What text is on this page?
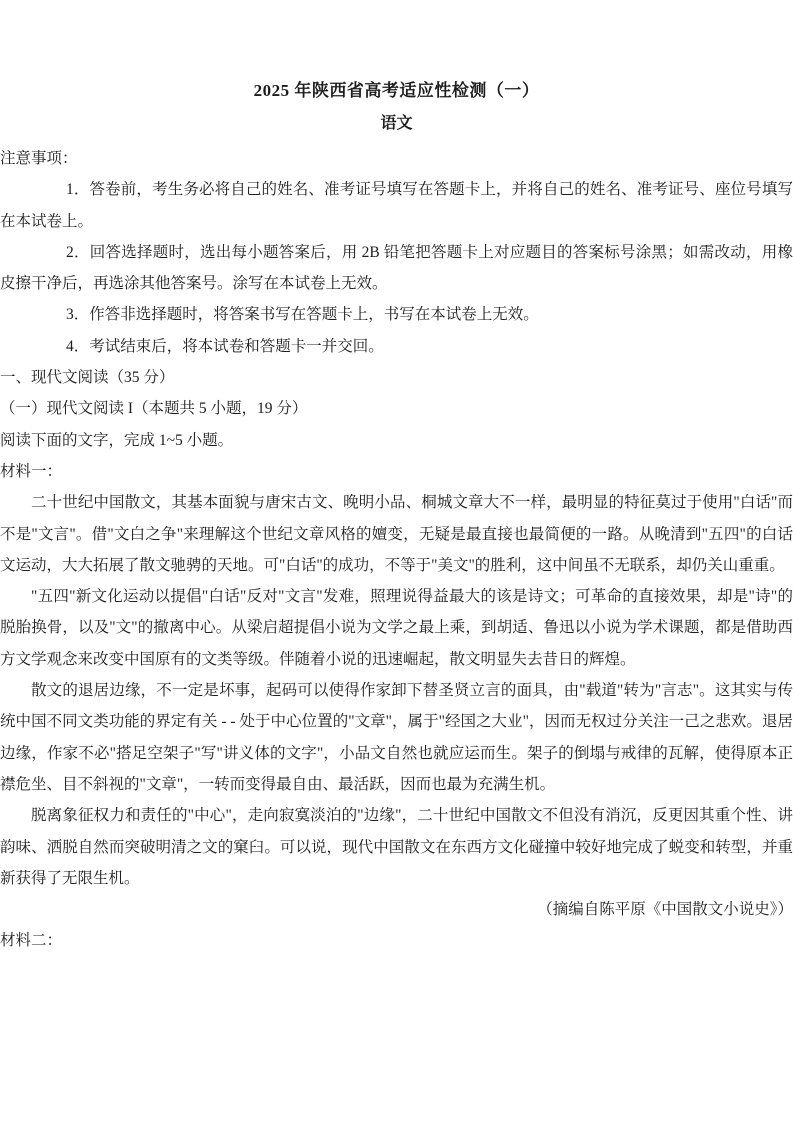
2025 年陕西省高考适应性检测（一）
语文

注意事项：

1．答卷前，考生务必将自己的姓名、准考证号填写在答题卡上，并将自己的姓名、准考证号、座位号填写在本试卷上。

2．回答选择题时，选出每小题答案后，用 2B 铅笔把答题卡上对应题目的答案标号涂黑；如需改动，用橡皮擦干净后，再选涂其他答案号。涂写在本试卷上无效。

3．作答非选择题时，将答案书写在答题卡上，书写在本试卷上无效。

4．考试结束后，将本试卷和答题卡一并交回。

一、现代文阅读（35 分）

（一）现代文阅读 I（本题共 5 小题，19 分）

阅读下面的文字，完成 1~5 小题。

材料一：

二十世纪中国散文，其基本面貌与唐宋古文、晚明小品、桐城文章大不一样，最明显的特征莫过于使用"白话"而不是"文言"。借"文白之争"来理解这个世纪文章风格的嬗变，无疑是最直接也最简便的一路。从晚清到"五四"的白话文运动，大大拓展了散文驰骋的天地。可"白话"的成功，不等于"美文"的胜利，这中间虽不无联系，却仍关山重重。

"五四"新文化运动以提倡"白话"反对"文言"发难，照理说得益最大的该是诗文；可革命的直接效果，却是"诗"的脱胎换骨，以及"文"的撤离中心。从梁启超提倡小说为文学之最上乘，到胡适、鲁迅以小说为学术课题，都是借助西方文学观念来改变中国原有的文类等级。伴随着小说的迅速崛起，散文明显失去昔日的辉煌。

散文的退居边缘，不一定是坏事，起码可以使得作家卸下替圣贤立言的面具，由"载道"转为"言志"。这其实与传统中国不同文类功能的界定有关 - - 处于中心位置的"文章"，属于"经国之大业"，因而无权过分关注一己之悲欢。退居边缘，作家不必"搭足空架子"写"讲义体的文字"，小品文自然也就应运而生。架子的倒塌与戒律的瓦解，使得原本正襟危坐、目不斜视的"文章"，一转而变得最自由、最活跃，因而也最为充满生机。

脱离象征权力和责任的"中心"，走向寂寞淡泊的"边缘"，二十世纪中国散文不但没有消沉，反更因其重个性、讲韵味、洒脱自然而突破明清之文的窠臼。可以说，现代中国散文在东西方文化碰撞中较好地完成了蜕变和转型，并重新获得了无限生机。

（摘编自陈平原《中国散文小说史》）

材料二：
